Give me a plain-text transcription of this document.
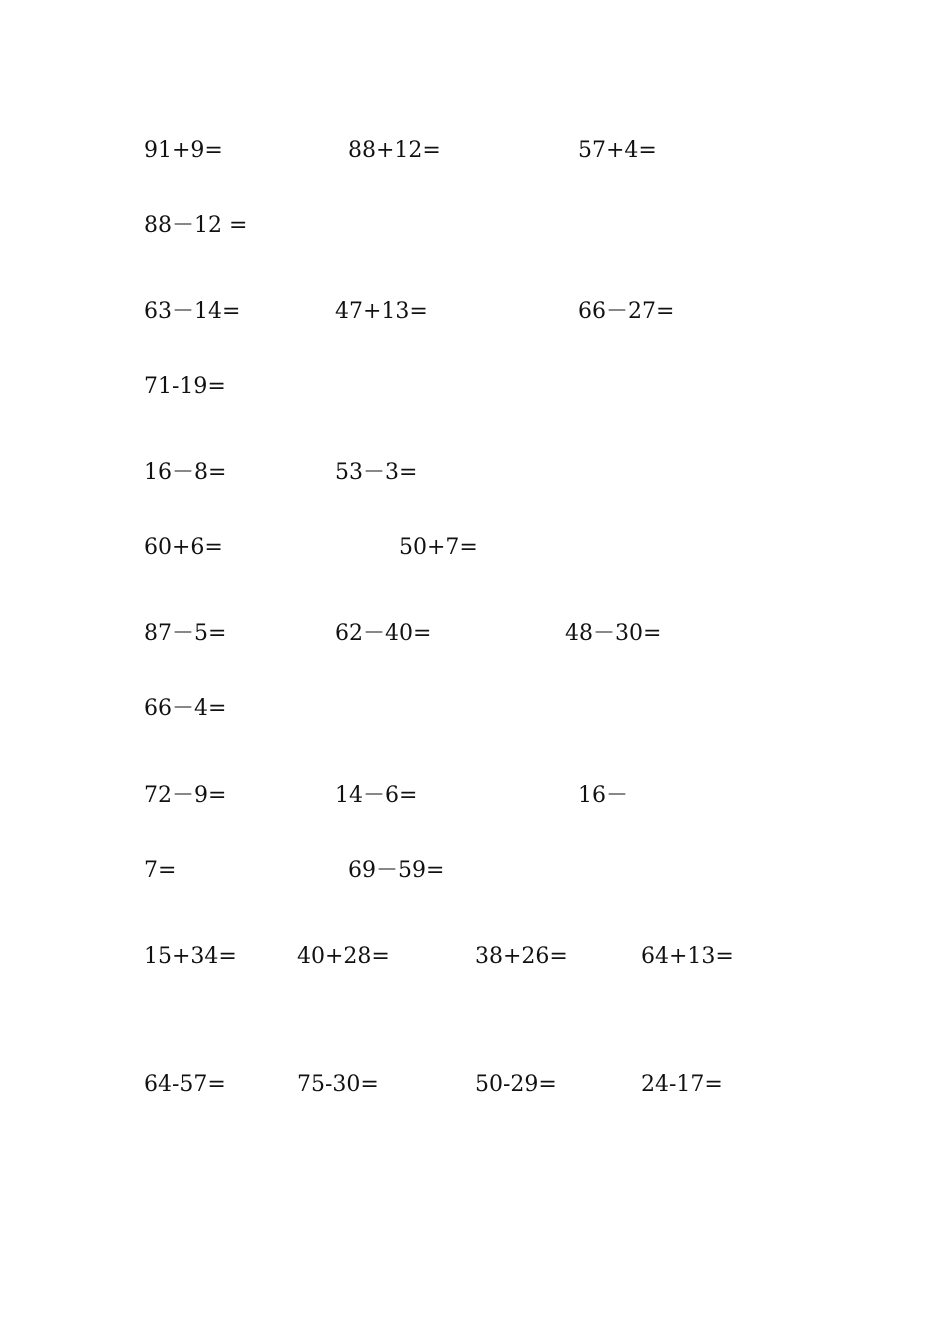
91+9=	88+12=	57+4=
88－12 =
63－14=	47+13=	66－27=
71-19=
16－8=	53－3=
60+6=	50+7=
87－5=	62－40=	48－30=
66－4=
72－9=	14－6=	16－
7=	69－59=
15+34=	40+28=	38+26=	64+13=
64-57=	75-30=	50-29=	24-17=
